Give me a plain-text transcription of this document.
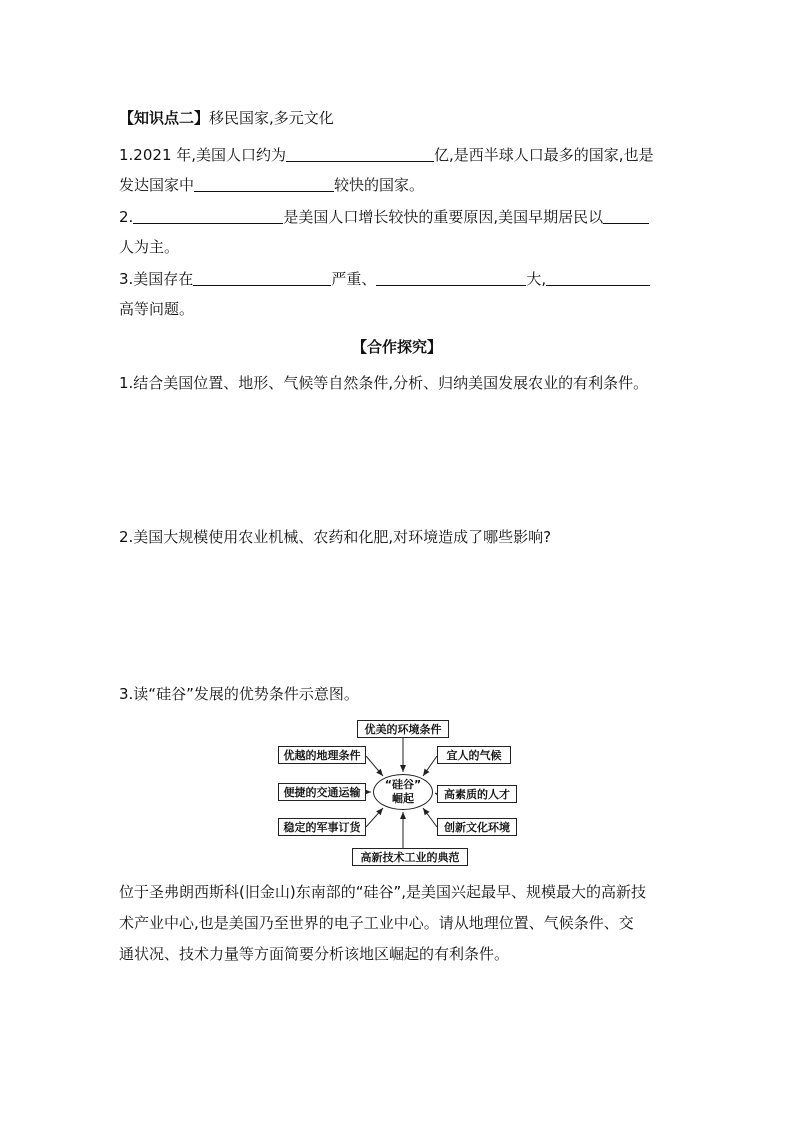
【知识点二】移民国家,多元文化
1.2021 年,美国人口约为	亿,是西半球人口最多的国家,也是
发达国家中	较快的国家。
2.	是美国人口增长较快的重要原因,美国早期居民以
人为主。
3.美国存在	严重、	大,
高等问题。
【合作探究】
1.结合美国位置、地形、气候等自然条件,分析、归纳美国发展农业的有利条件。
2.美国大规模使用农业机械、农药和化肥,对环境造成了哪些影响?
3.读“硅谷”发展的优势条件示意图。
优美的环境条件
优越的地理条件
便捷的交通运输
稳定的军事订货
宜人的气候
高素质的人才
创新文化环境
高新技术工业的典范
“硅谷”
崛起
位于圣弗朗西斯科(旧金山)东南部的“硅谷”,是美国兴起最早、规模最大的高新技
术产业中心,也是美国乃至世界的电子工业中心。请从地理位置、气候条件、交
通状况、技术力量等方面简要分析该地区崛起的有利条件。
